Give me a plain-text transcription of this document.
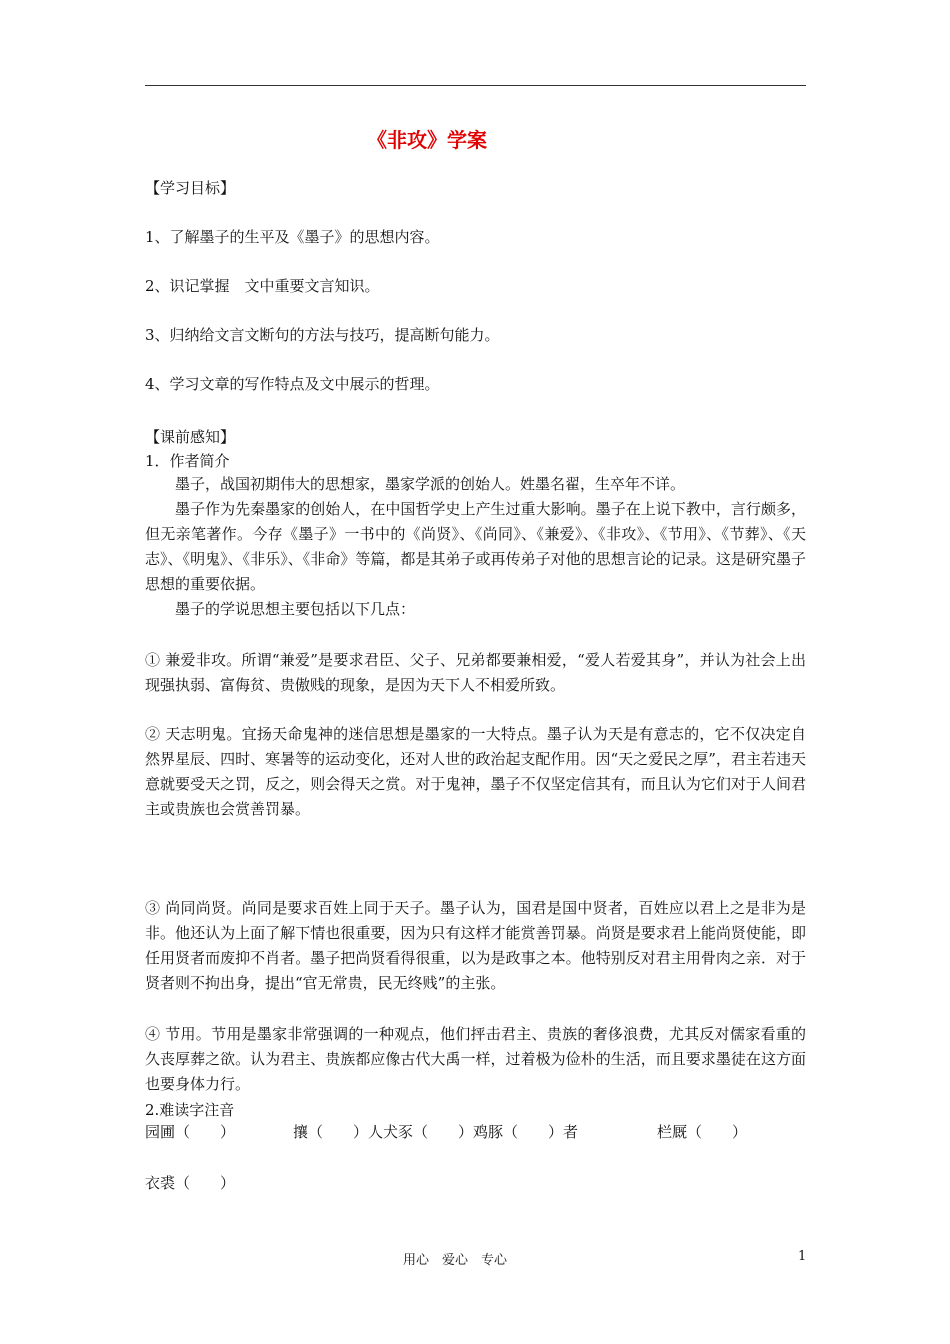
《非攻》学案
【学习目标】
1、了解墨子的生平及《墨子》的思想内容。
2、识记掌握　文中重要文言知识。
3、归纳给文言文断句的方法与技巧，提高断句能力。
4、学习文章的写作特点及文中展示的哲理。
【课前感知】
1．作者简介
墨子，战国初期伟大的思想家，墨家学派的创始人。姓墨名翟，生卒年不详。
墨子作为先秦墨家的创始人，在中国哲学史上产生过重大影响。墨子在上说下教中，言行颇多，但无亲笔著作。今存《墨子》一书中的《尚贤》、《尚同》、《兼爱》、《非攻》、《节用》、《节葬》、《天志》、《明鬼》、《非乐》、《非命》等篇，都是其弟子或再传弟子对他的思想言论的记录。这是研究墨子思想的重要依据。
墨子的学说思想主要包括以下几点：
① 兼爱非攻。所谓“兼爱”是要求君臣、父子、兄弟都要兼相爱，“爱人若爱其身”，并认为社会上出现强执弱、富侮贫、贵傲贱的现象，是因为天下人不相爱所致。
② 天志明鬼。宜扬天命鬼神的迷信思想是墨家的一大特点。墨子认为天是有意志的，它不仅决定自然界星辰、四时、寒暑等的运动变化，还对人世的政治起支配作用。因“天之爱民之厚”，君主若违天意就要受天之罚，反之，则会得天之赏。对于鬼神，墨子不仅坚定信其有，而且认为它们对于人间君主或贵族也会赏善罚暴。
③ 尚同尚贤。尚同是要求百姓上同于天子。墨子认为，国君是国中贤者，百姓应以君上之是非为是非。他还认为上面了解下情也很重要，因为只有这样才能赏善罚暴。尚贤是要求君上能尚贤使能，即任用贤者而废抑不肖者。墨子把尚贤看得很重，以为是政事之本。他特别反对君主用骨肉之亲．对于贤者则不拘出身，提出“官无常贵，民无终贱”的主张。
④ 节用。节用是墨家非常强调的一种观点，他们抨击君主、贵族的奢侈浪费，尤其反对儒家看重的久丧厚葬之欲。认为君主、贵族都应像古代大禹一样，过着极为俭朴的生活，而且要求墨徒在这方面也要身体力行。
2.难读字注音
园圃（　　）	攘（　　）人犬豕（　　）鸡豚（　　）者	栏厩（　　）
衣裘（　　）
用心　爱心　专心	1
